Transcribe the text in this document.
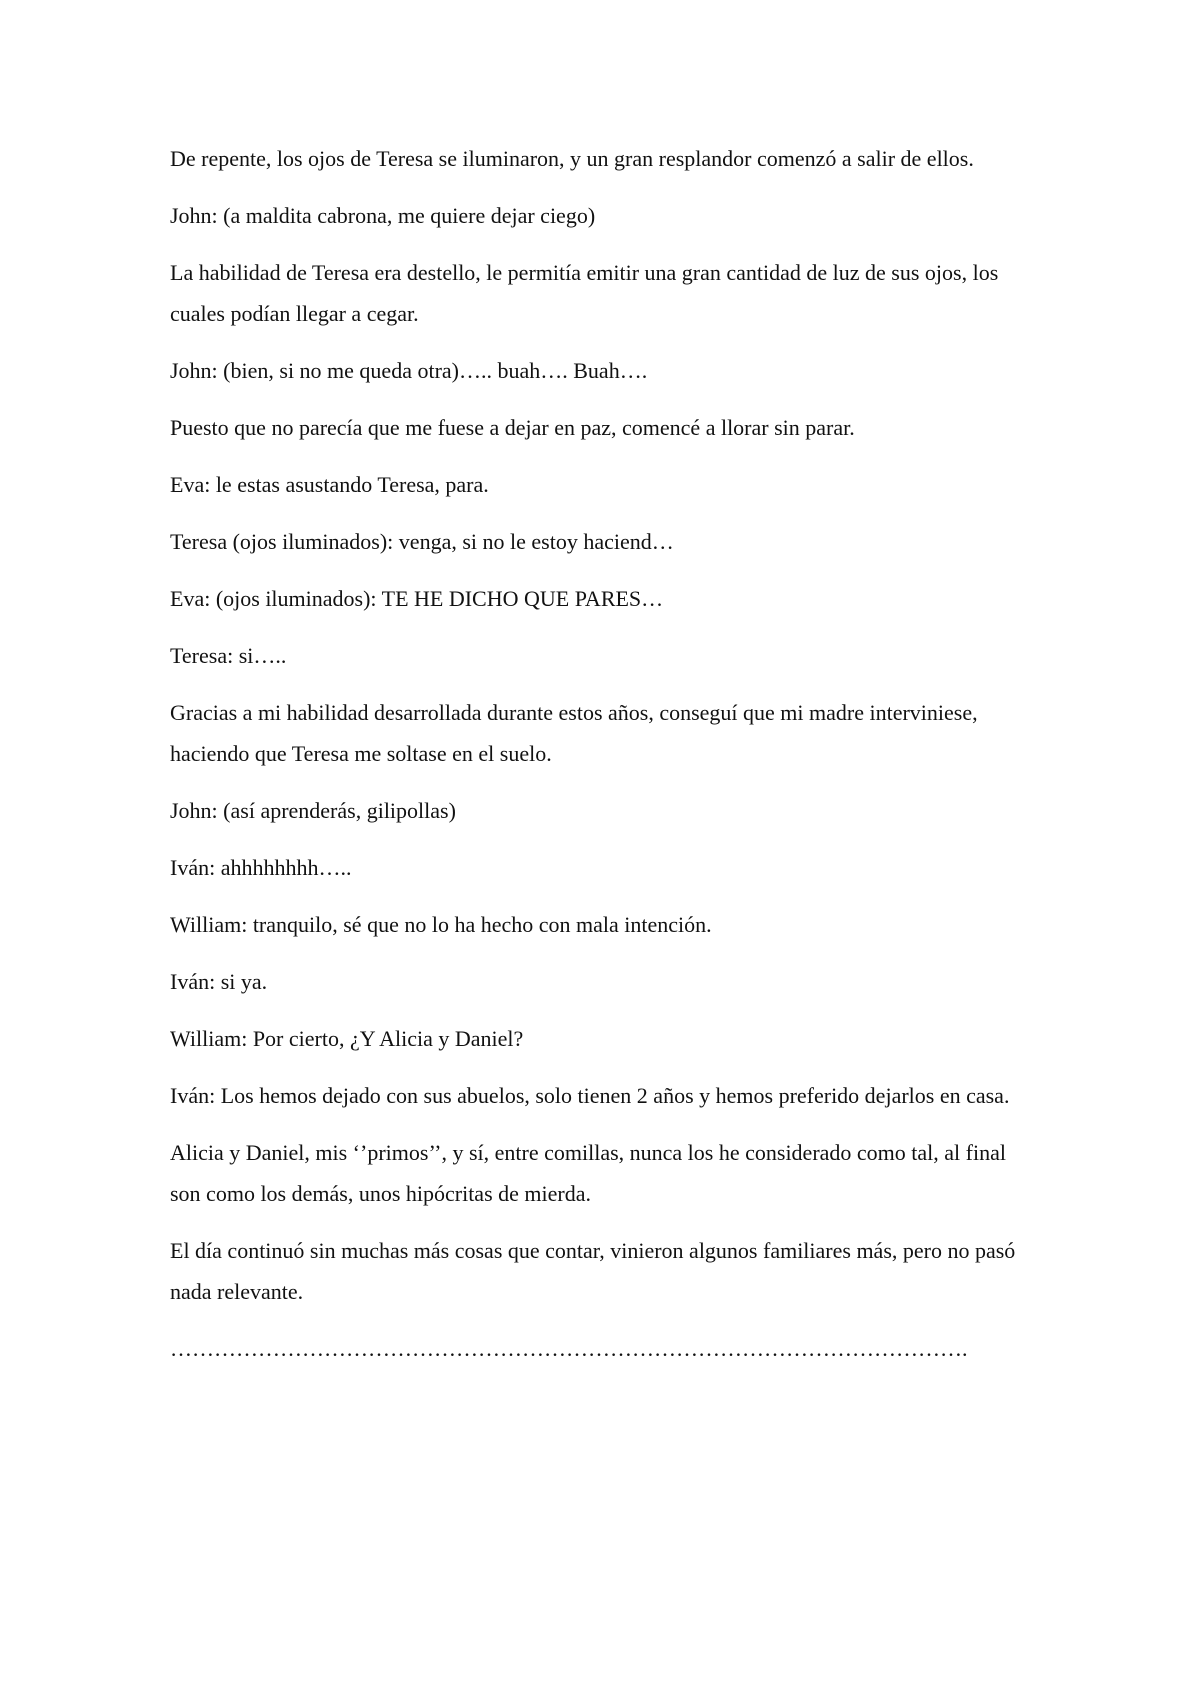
De repente, los ojos de Teresa se iluminaron, y un gran resplandor comenzó a salir de ellos.

John: (a maldita cabrona, me quiere dejar ciego)

La habilidad de Teresa era destello, le permitía emitir una gran cantidad de luz de sus ojos, los cuales podían llegar a cegar.

John: (bien, si no me queda otra)….. buah…. Buah….

Puesto que no parecía que me fuese a dejar en paz, comencé a llorar sin parar.

Eva: le estas asustando Teresa, para.

Teresa (ojos iluminados): venga, si no le estoy haciend…

Eva: (ojos iluminados): TE HE DICHO QUE PARES…

Teresa: si…..

Gracias a mi habilidad desarrollada durante estos años, conseguí que mi madre interviniese, haciendo que Teresa me soltase en el suelo.

John: (así aprenderás, gilipollas)

Iván: ahhhhhhhh…..

William: tranquilo, sé que no lo ha hecho con mala intención.

Iván: si ya.

William: Por cierto, ¿Y Alicia y Daniel?

Iván: Los hemos dejado con sus abuelos, solo tienen 2 años y hemos preferido dejarlos en casa.

Alicia y Daniel, mis ‘’primos’’, y sí, entre comillas, nunca los he considerado como tal, al final son como los demás, unos hipócritas de mierda.

El día continuó sin muchas más cosas que contar, vinieron algunos familiares más, pero no pasó nada relevante.

……………………………………………………………………………………………….
